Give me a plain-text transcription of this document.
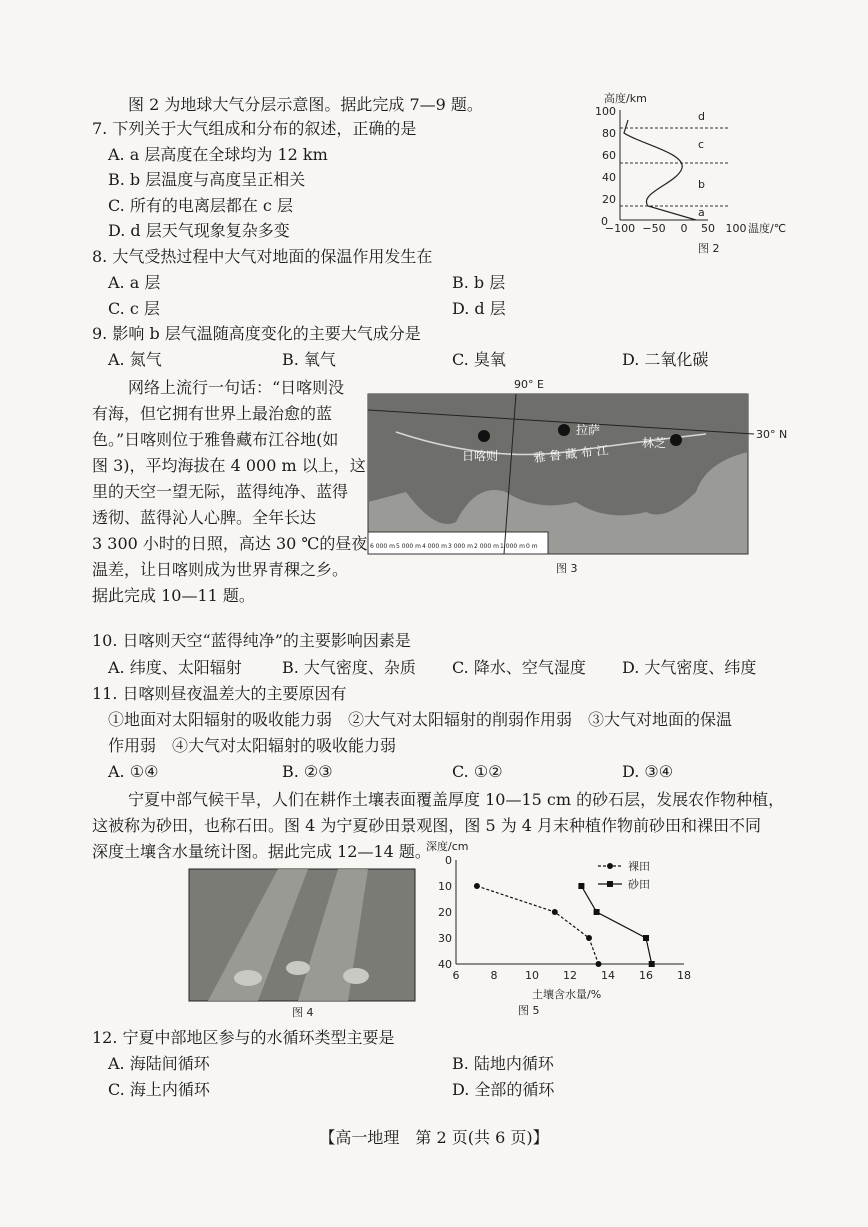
图 2 为地球大气分层示意图。据此完成 7—9 题。
7. 下列关于大气组成和分布的叙述，正确的是
A. a 层高度在全球均为 12 km
B. b 层温度与高度呈正相关
C. 所有的电离层都在 c 层
D. d 层天气现象复杂多变
8. 大气受热过程中大气对地面的保温作用发生在
A. a 层	B. b 层
C. c 层	D. d 层
9. 影响 b 层气温随高度变化的主要大气成分是
A. 氮气	B. 氧气	C. 臭氧	D. 二氧化碳
高度/km
0
20
40
60
80
100	d
c
b
a
−100 −50 0 50 100 温度/℃
图 2
网络上流行一句话：“日喀则没
有海，但它拥有世界上最治愈的蓝
色。”日喀则位于雅鲁藏布江谷地(如
图 3)，平均海拔在 4 000 m 以上，这
里的天空一望无际，蓝得纯净、蓝得
透彻、蓝得沁人心脾。全年长达
3 300 小时的日照，高达 30 ℃的昼夜
温差，让日喀则成为世界青稞之乡。
据此完成 10—11 题。
90° E
30° N
日喀则
拉萨
林芝
雅 鲁 藏 布 江
6 000 m 5 000 m 4 000 m 3 000 m 2 000 m 1 000 m 0 m
图 3
10. 日喀则天空“蓝得纯净”的主要影响因素是
A. 纬度、太阳辐射	B. 大气密度、杂质 C. 降水、空气湿度 D. 大气密度、纬度
11. 日喀则昼夜温差大的主要原因有
①地面对太阳辐射的吸收能力弱　②大气对太阳辐射的削弱作用弱　③大气对地面的保温
作用弱　④大气对太阳辐射的吸收能力弱
A. ①④	B. ②③	C. ①②	D. ③④
宁夏中部气候干旱，人们在耕作土壤表面覆盖厚度 10—15 cm 的砂石层，发展农作物种植，
这被称为砂田，也称石田。图 4 为宁夏砂田景观图，图 5 为 4 月末种植作物前砂田和裸田不同
深度土壤含水量统计图。据此完成 12—14 题。
图 4
深度/cm
土壤含水量/%
图 5
0
10
20
30
40
6	8	10 12 14 16 18
裸田
砂田
12. 宁夏中部地区参与的水循环类型主要是
A. 海陆间循环	B. 陆地内循环
C. 海上内循环	D. 全部的循环
【高一地理　第 2 页(共 6 页)】
